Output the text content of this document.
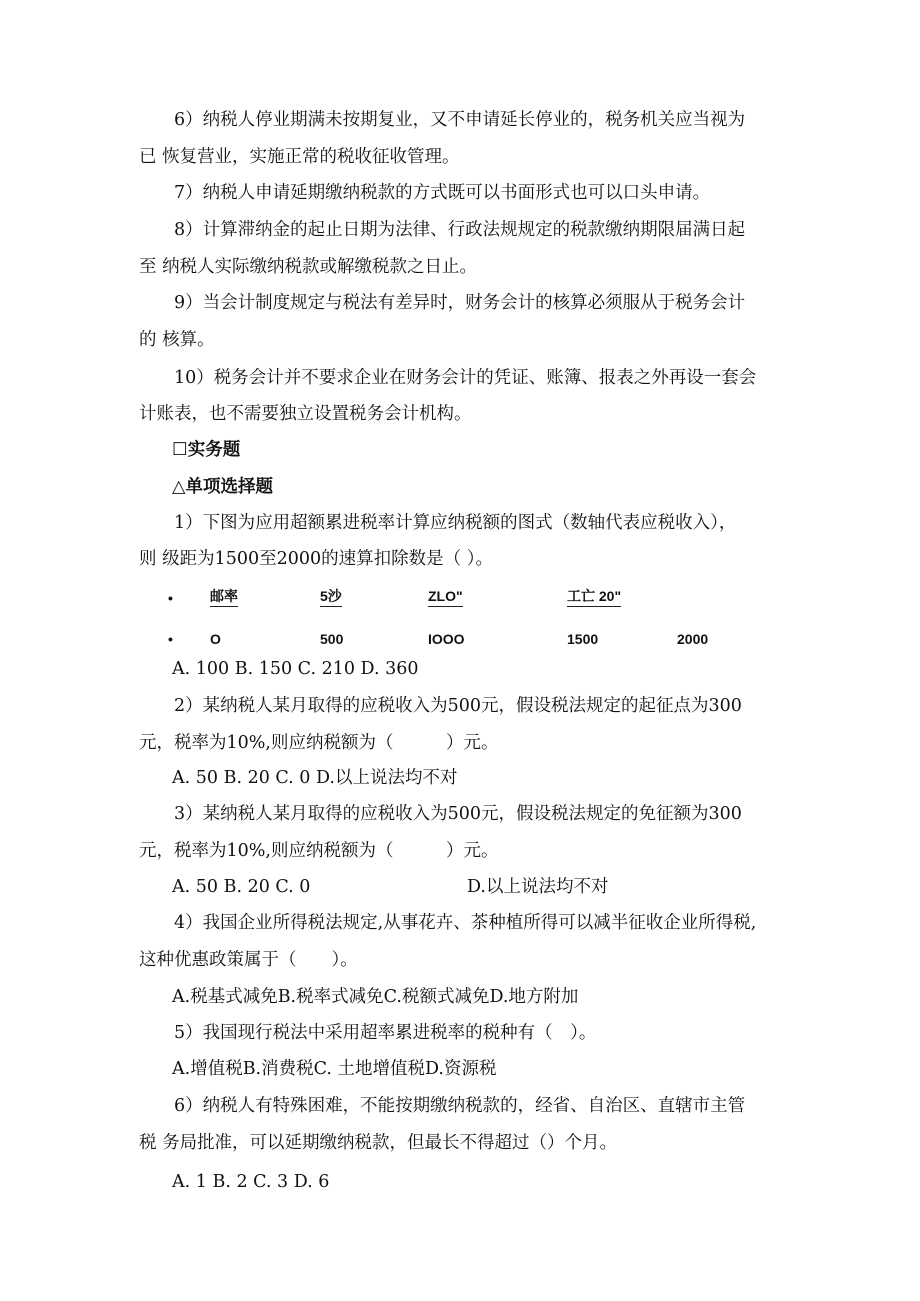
6）纳税人停业期满未按期复业，又不申请延长停业的，税务机关应当视为
已 恢复营业，实施正常的税收征收管理。
7）纳税人申请延期缴纳税款的方式既可以书面形式也可以口头申请。
8）计算滞纳金的起止日期为法律、行政法规规定的税款缴纳期限届满日起
至 纳税人实际缴纳税款或解缴税款之日止。
9）当会计制度规定与税法有差异时，财务会计的核算必须服从于税务会计
的 核算。
10）税务会计并不要求企业在财务会计的凭证、账簿、报表之外再设一套会
计账表，也不需要独立设置税务会计机构。
☐实务题
△单项选择题
1）下图为应用超额累进税率计算应纳税额的图式（数轴代表应税收入），
则 级距为1500至2000的速算扣除数是（ ）。
•	邮率	5沙	ZLO"	工亡 20"
•	O	500	IOOO	1500	2000
A. 100 B. 150 C. 210 D. 360
2）某纳税人某月取得的应税收入为500元，假设税法规定的起征点为300
元，税率为10%,则应纳税额为（　　　）元。
A. 50 B. 20 C. 0 D.以上说法均不对
3）某纳税人某月取得的应税收入为500元，假设税法规定的免征额为300
元，税率为10%,则应纳税额为（　　　）元。
A. 50 B. 20 C. 0	D.以上说法均不对
4）我国企业所得税法规定,从事花卉、茶种植所得可以减半征收企业所得税,
这种优惠政策属于（　　）。
A.税基式减免B.税率式减免C.税额式减免D.地方附加
5）我国现行税法中采用超率累进税率的税种有（　）。
A.增值税B.消费税C. 土地增值税D.资源税
6）纳税人有特殊困难，不能按期缴纳税款的，经省、自治区、直辖市主管
税 务局批准，可以延期缴纳税款，但最长不得超过（）个月。
A. 1 B. 2 C. 3 D. 6
